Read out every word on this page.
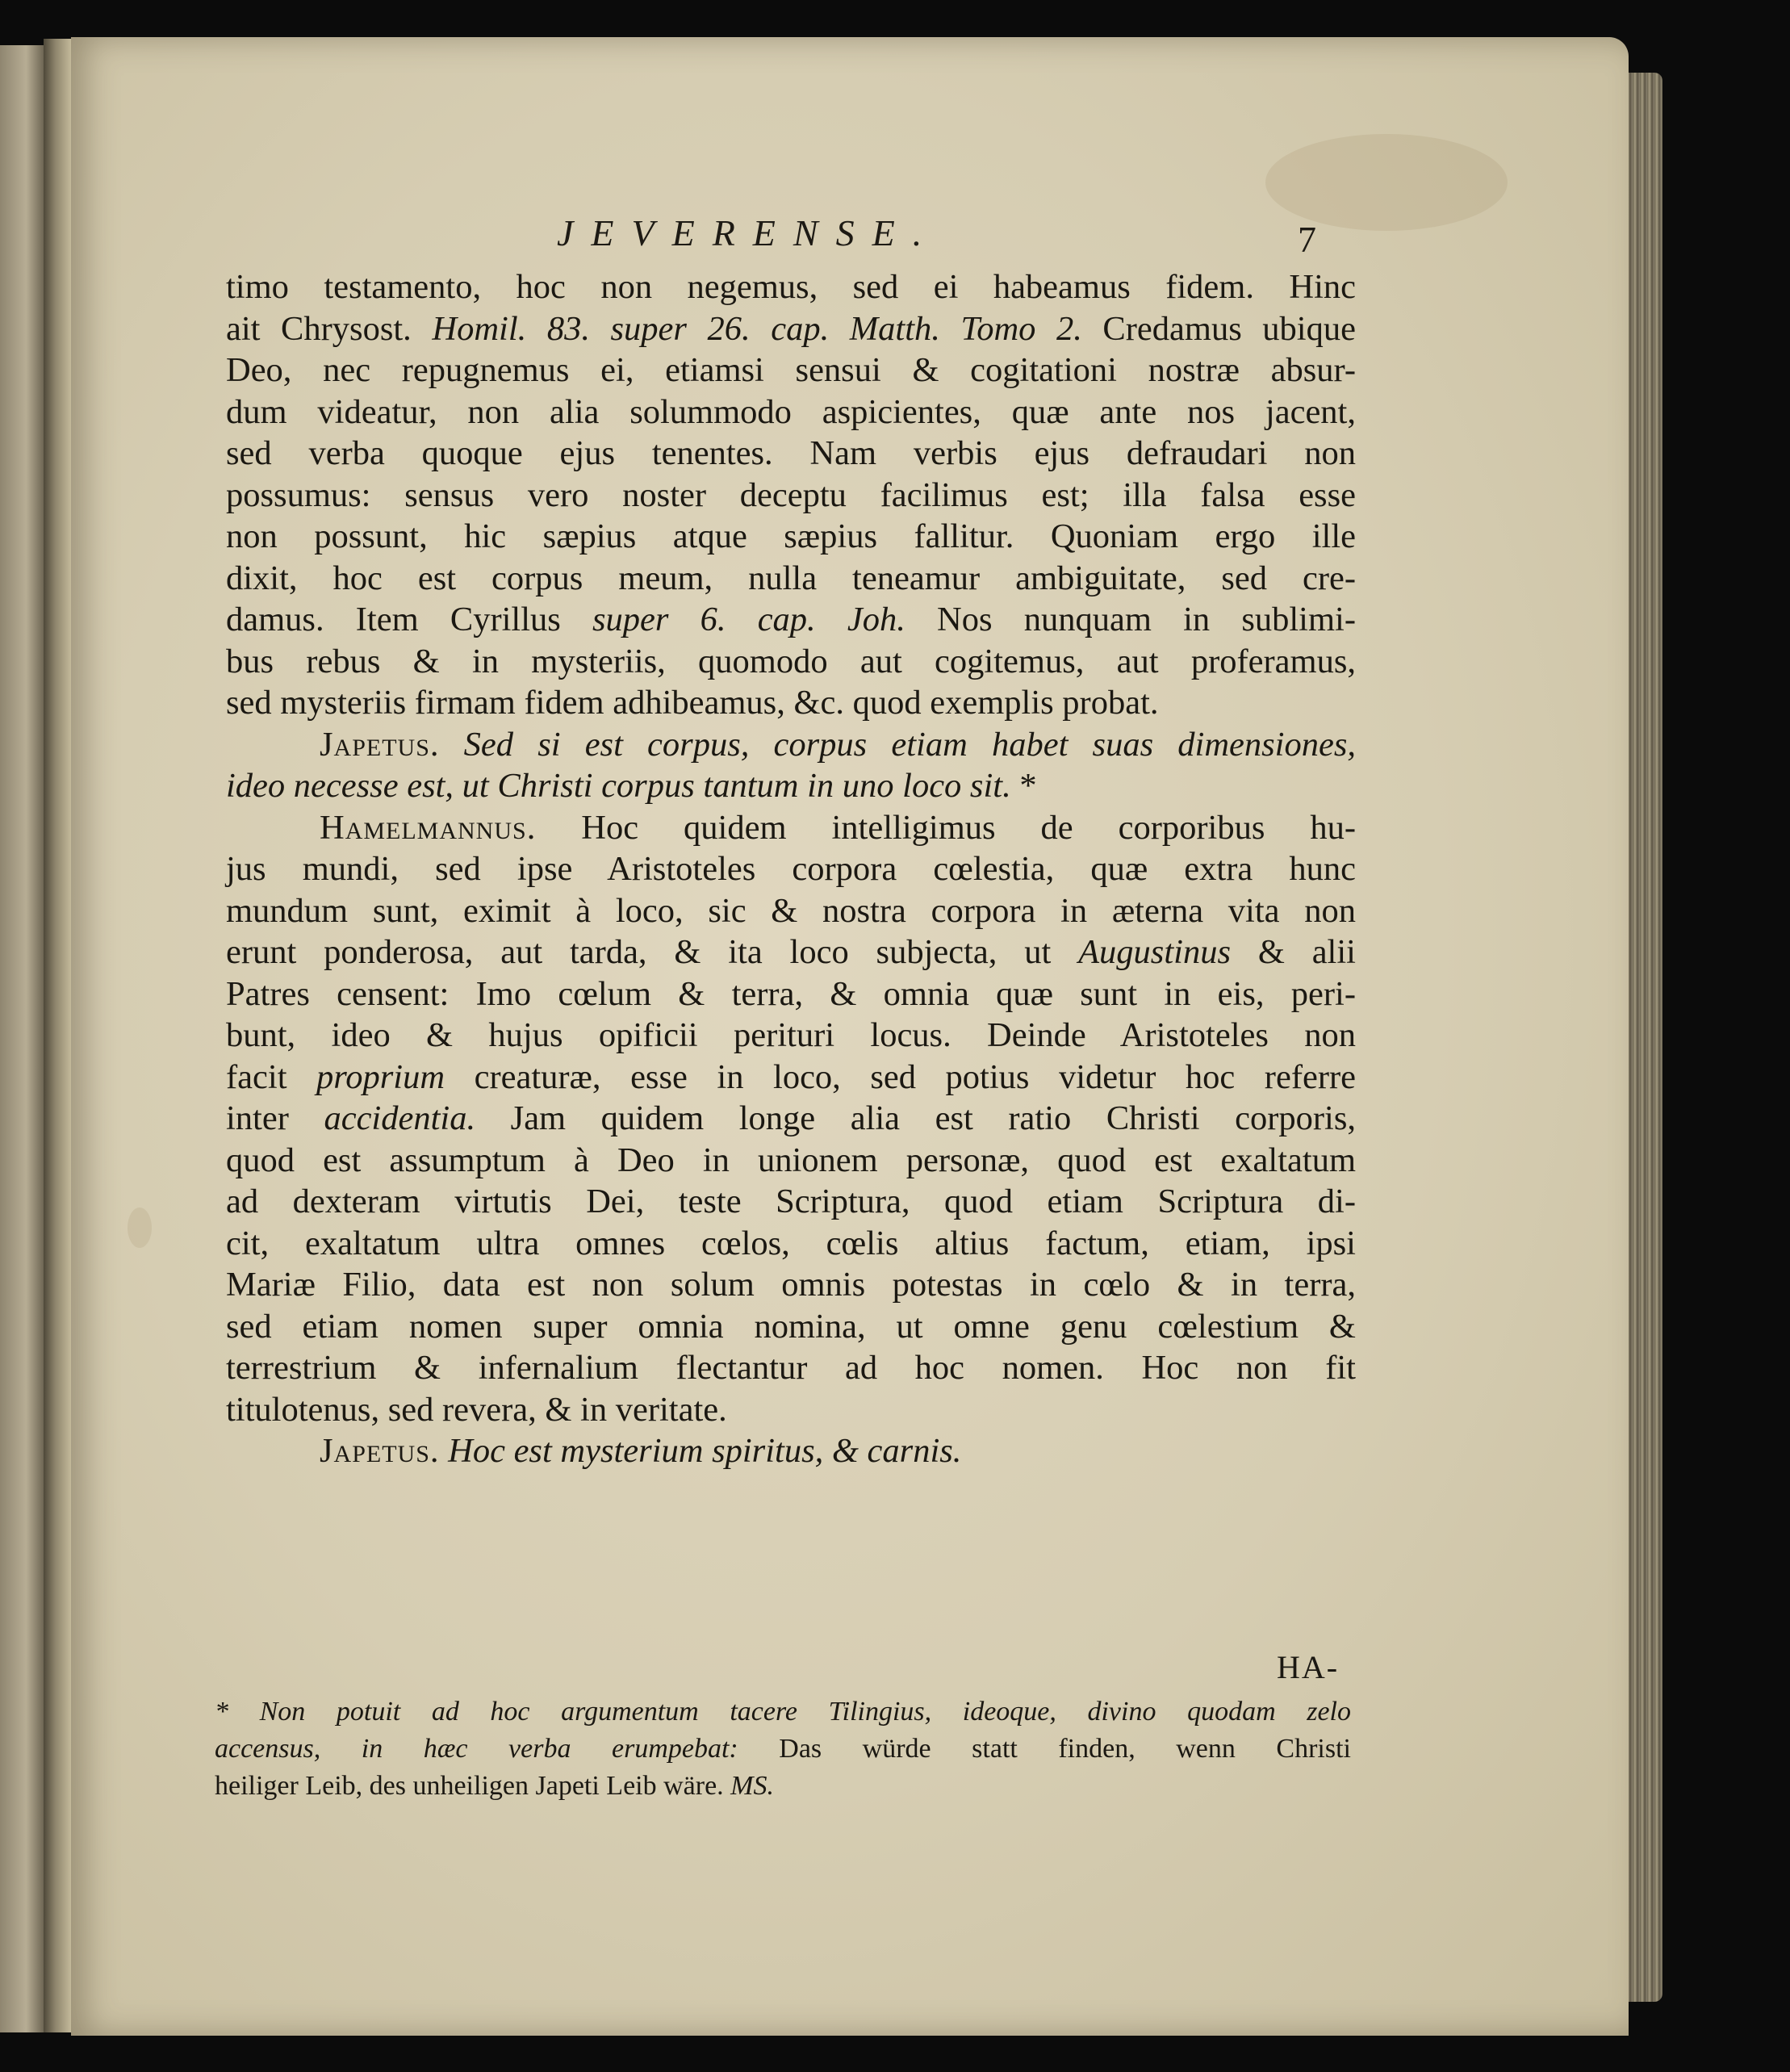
JEVERENSE.	7
timo testamento, hoc non negemus, sed ei habeamus fidem. Hinc
ait Chrysost. Homil. 83. super 26. cap. Matth. Tomo 2. Credamus ubique
Deo, nec repugnemus ei, etiamsi sensui & cogitationi nostræ absur-
dum videatur, non alia solummodo aspicientes, quæ ante nos jacent,
sed verba quoque ejus tenentes. Nam verbis ejus defraudari non
possumus: sensus vero noster deceptu facilimus est; illa falsa esse
non possunt, hic sæpius atque sæpius fallitur. Quoniam ergo ille
dixit, hoc est corpus meum, nulla teneamur ambiguitate, sed cre-
damus. Item Cyrillus super 6. cap. Joh. Nos nunquam in sublimi-
bus rebus & in mysteriis, quomodo aut cogitemus, aut proferamus,
sed mysteriis firmam fidem adhibeamus, &c. quod exemplis probat.
Japetus. Sed si est corpus, corpus etiam habet suas dimensiones,
ideo necesse est, ut Christi corpus tantum in uno loco sit. *
Hamelmannus. Hoc quidem intelligimus de corporibus hu-
jus mundi, sed ipse Aristoteles corpora cœlestia, quæ extra hunc
mundum sunt, eximit à loco, sic & nostra corpora in æterna vita non
erunt ponderosa, aut tarda, & ita loco subjecta, ut Augustinus & alii
Patres censent: Imo cœlum & terra, & omnia quæ sunt in eis, peri-
bunt, ideo & hujus opificii perituri locus. Deinde Aristoteles non
facit proprium creaturæ, esse in loco, sed potius videtur hoc referre
inter accidentia. Jam quidem longe alia est ratio Christi corporis,
quod est assumptum à Deo in unionem personæ, quod est exaltatum
ad dexteram virtutis Dei, teste Scriptura, quod etiam Scriptura di-
cit, exaltatum ultra omnes cœlos, cœlis altius factum, etiam, ipsi
Mariæ Filio, data est non solum omnis potestas in cœlo & in terra,
sed etiam nomen super omnia nomina, ut omne genu cœlestium &
terrestrium & infernalium flectantur ad hoc nomen. Hoc non fit
titulotenus, sed revera, & in veritate.
Japetus. Hoc est mysterium spiritus, & carnis.
HA-
* Non potuit ad hoc argumentum tacere Tilingius, ideoque, divino quodam zelo
accensus, in hæc verba erumpebat: Das würde statt finden, wenn Christi
heiliger Leib, des unheiligen Japeti Leib wäre. MS.
